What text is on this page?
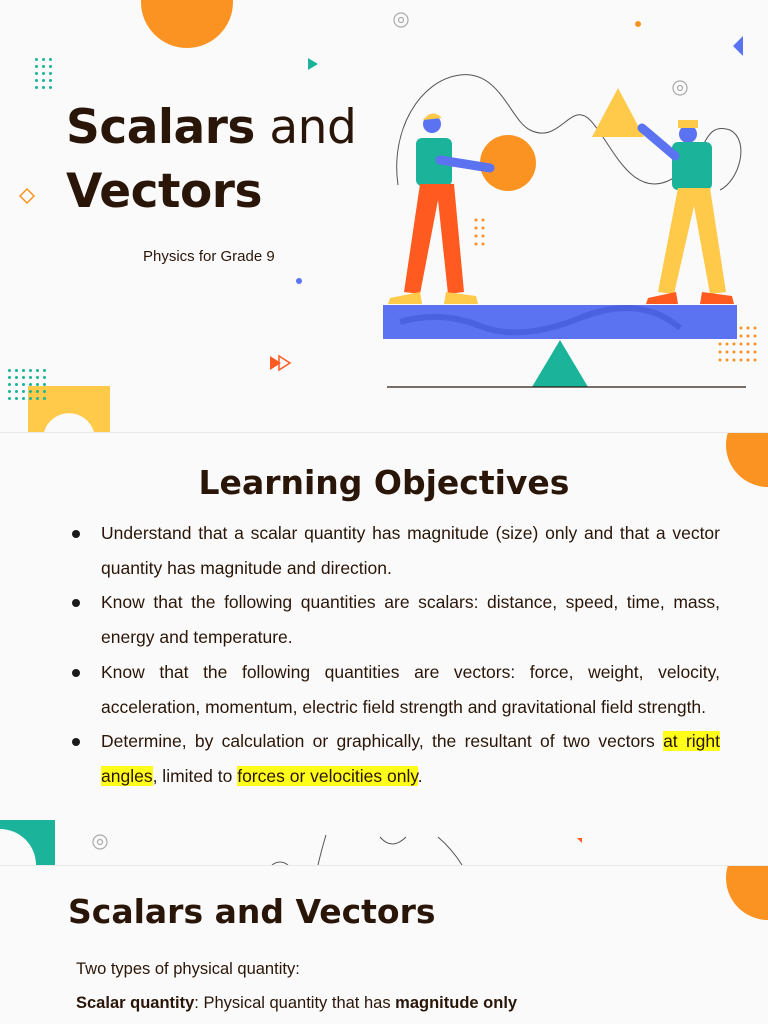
Scalars and
Vectors
Physics for Grade 9
Learning Objectives
Understand that a scalar quantity has magnitude (size) only and that a vector quantity has magnitude and direction.
Know that the following quantities are scalars: distance, speed, time, mass, energy and temperature.
Know that the following quantities are vectors: force, weight, velocity, acceleration, momentum, electric field strength and gravitational field strength.
Determine, by calculation or graphically, the resultant of two vectors at right angles, limited to forces or velocities only.
Scalars and Vectors
Two types of physical quantity:
Scalar quantity: Physical quantity that has magnitude only
